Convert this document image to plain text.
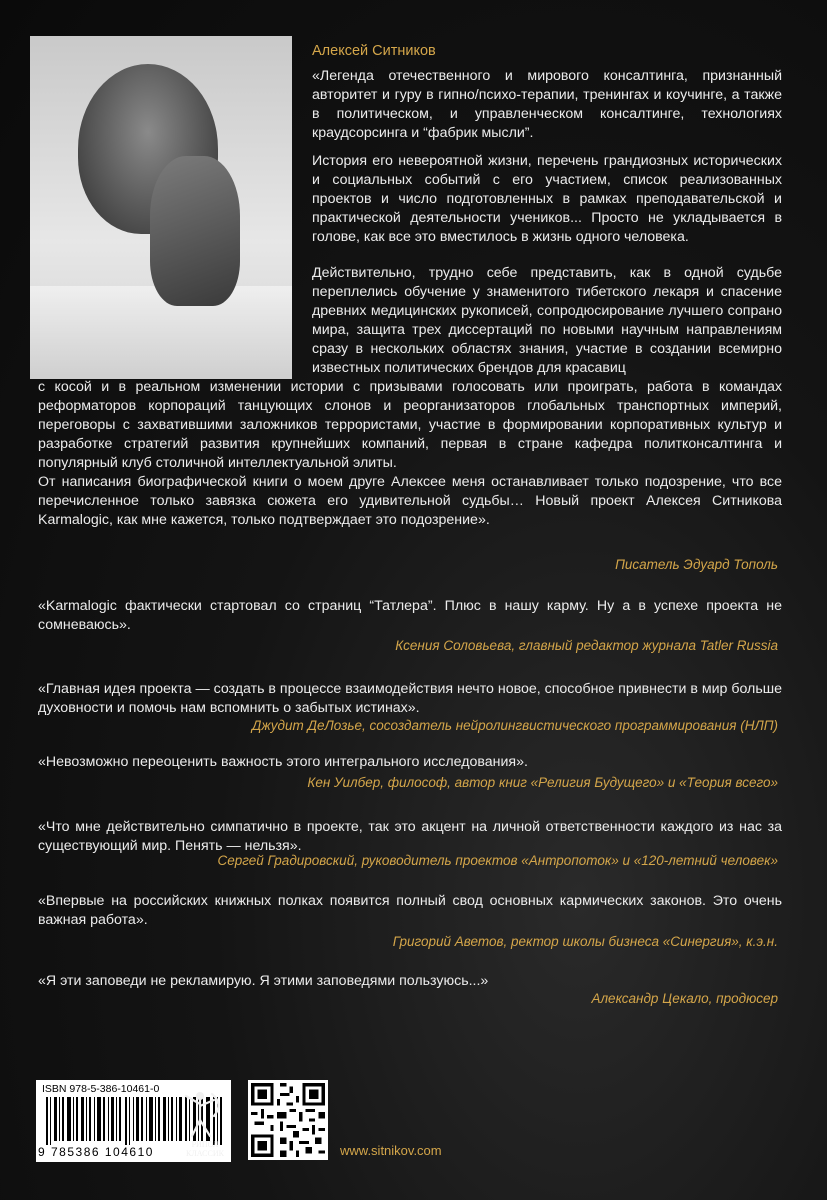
Алексей Ситников

«Легенда отечественного и мирового консалтинга, признанный авторитет и гуру в гипно/психо-терапии, тренингах и коучинге, а также в политическом, и управленческом консалтинге, технологиях краудсорсинга и “фабрик мысли”.

История его невероятной жизни, перечень грандиозных исторических и социальных событий с его участием, список реализованных проектов и число подготовленных в рамках преподавательской и практической деятельности учеников... Просто не укладывается в голове, как все это вместилось в жизнь одного человека.

Действительно, трудно себе представить, как в одной судьбе переплелись обучение у знаменитого тибетского лекаря и спасение древних медицинских рукописей, сопродюсирование лучшего сопрано мира, защита трех диссертаций по новыми научным направлениям сразу в нескольких областях знания, участие в создании всемирно известных политических брендов для красавиц

с косой и в реальном изменении истории с призывами голосовать или проиграть, работа в командах реформаторов корпораций танцующих слонов и реорганизаторов глобальных транспортных империй, переговоры с захватившими заложников террористами, участие в формировании корпоративных культур и разработке стратегий развития крупнейших компаний, первая в стране кафедра политконсалтинга и популярный клуб столичной интеллектуальной элиты.

От написания биографической книги о моем друге Алексее меня останавливает только подозрение, что все перечисленное только завязка сюжета его удивительной судьбы… Новый проект Алексея Ситникова Karmalogic, как мне кажется, только подтверждает это подозрение».

Писатель Эдуард Тополь

«Karmalogic фактически стартовал со страниц “Татлера”. Плюс в нашу карму. Ну а в успехе проекта не сомневаюсь».

Ксения Соловьева, главный редактор журнала Tatler Russia

«Главная идея проекта — создать в процессе взаимодействия нечто новое, способное привнести в мир больше духовности и помочь нам вспомнить о забытых истинах».

Джудит ДеЛозье, сосоздатель нейролингвистического программирования (НЛП)

«Невозможно переоценить важность этого интегрального исследования».

Кен Уилбер, философ, автор книг «Религия Будущего» и «Теория всего»

«Что мне действительно симпатично в проекте, так это акцент на личной ответственности каждого из нас за существующий мир. Пенять — нельзя».

Сергей Градировский, руководитель проектов «Антропоток» и «120-летний человек»

«Впервые на российских книжных полках появится полный свод основных кармических законов. Это очень важная работа».

Григорий Аветов, ректор школы бизнеса «Синергия», к.э.н.

«Я эти заповеди не рекламирую. Я этими заповедями пользуюсь...»

Александр Цекало, продюсер
ISBN 978-5-386-10461-0
9 785386 104610
РИПОЛ КЛАССИК	www.sitnikov.com
